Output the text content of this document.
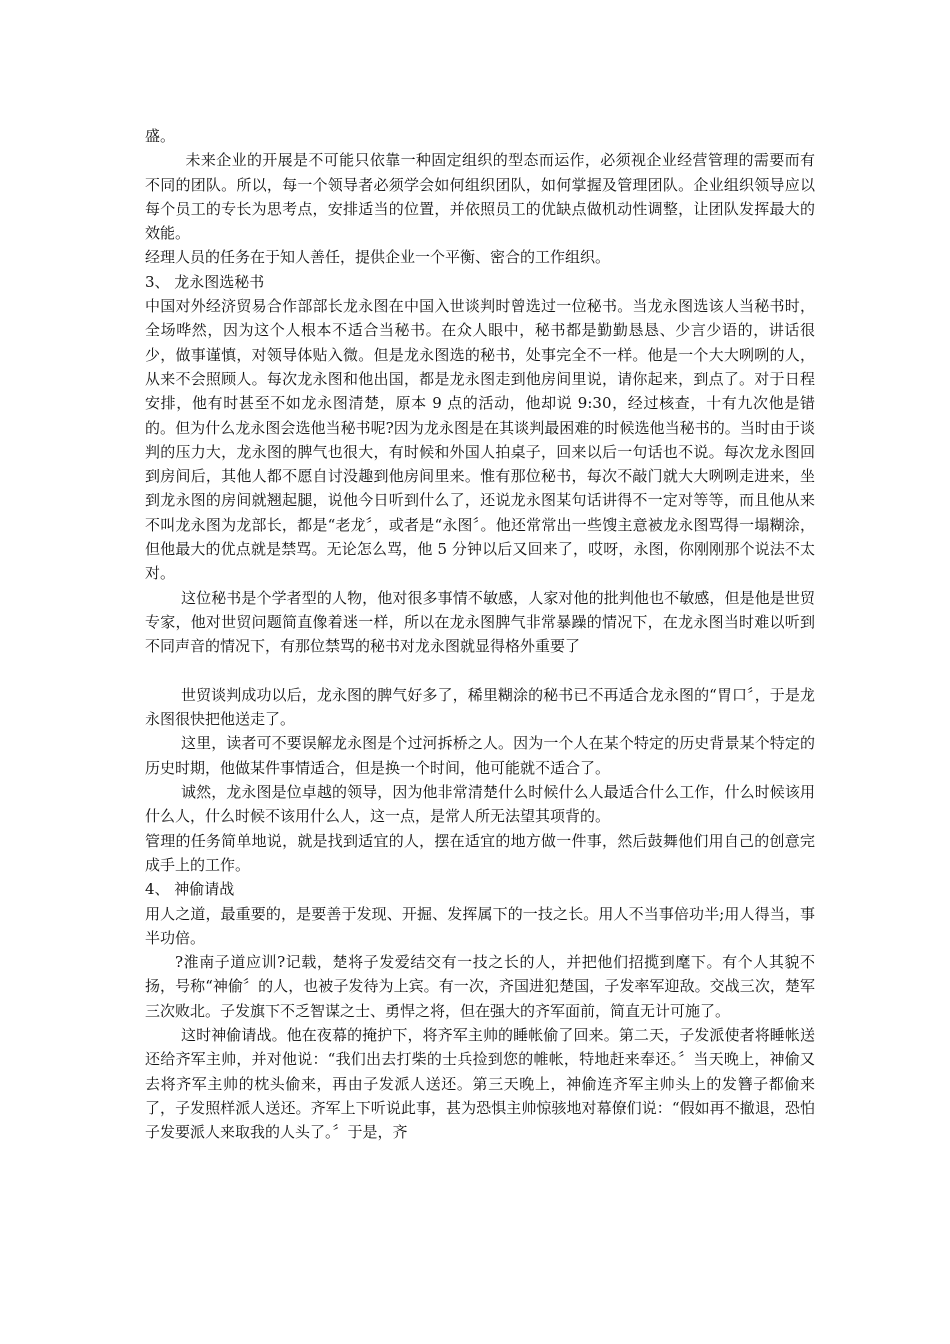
盛。

未来企业的开展是不可能只依靠一种固定组织的型态而运作，必须视企业经营管理的需要而有不同的团队。所以，每一个领导者必须学会如何组织团队，如何掌握及管理团队。企业组织领导应以每个员工的专长为思考点，安排适当的位置，并依照员工的优缺点做机动性调整，让团队发挥最大的效能。

经理人员的任务在于知人善任，提供企业一个平衡、密合的工作组织。

3、 龙永图选秘书

中国对外经济贸易合作部部长龙永图在中国入世谈判时曾选过一位秘书。当龙永图选该人当秘书时，全场哗然，因为这个人根本不适合当秘书。在众人眼中，秘书都是勤勤恳恳、少言少语的，讲话很少，做事谨慎，对领导体贴入微。但是龙永图选的秘书，处事完全不一样。他是一个大大咧咧的人，从来不会照顾人。每次龙永图和他出国，都是龙永图走到他房间里说，请你起来，到点了。对于日程安排，他有时甚至不如龙永图清楚，原本 9 点的活动，他却说 9:30，经过核查，十有九次他是错的。但为什么龙永图会选他当秘书呢?因为龙永图是在其谈判最困难的时候选他当秘书的。当时由于谈判的压力大，龙永图的脾气也很大，有时候和外国人拍桌子，回来以后一句话也不说。每次龙永图回到房间后，其他人都不愿自讨没趣到他房间里来。惟有那位秘书，每次不敲门就大大咧咧走进来，坐到龙永图的房间就翘起腿，说他今日听到什么了，还说龙永图某句话讲得不一定对等等，而且他从来不叫龙永图为龙部长，都是“老龙〞，或者是“永图〞。他还常常出一些馊主意被龙永图骂得一塌糊涂，但他最大的优点就是禁骂。无论怎么骂，他 5 分钟以后又回来了，哎呀，永图，你刚刚那个说法不太对。

这位秘书是个学者型的人物，他对很多事情不敏感，人家对他的批判他也不敏感，但是他是世贸专家，他对世贸问题简直像着迷一样，所以在龙永图脾气非常暴躁的情况下，在龙永图当时难以听到不同声音的情况下，有那位禁骂的秘书对龙永图就显得格外重要了

世贸谈判成功以后，龙永图的脾气好多了，稀里糊涂的秘书已不再适合龙永图的“胃口〞，于是龙永图很快把他送走了。

这里，读者可不要误解龙永图是个过河拆桥之人。因为一个人在某个特定的历史背景某个特定的历史时期，他做某件事情适合，但是换一个时间，他可能就不适合了。

诚然，龙永图是位卓越的领导，因为他非常清楚什么时候什么人最适合什么工作，什么时候该用什么人，什么时候不该用什么人，这一点，是常人所无法望其项背的。

管理的任务简单地说，就是找到适宜的人，摆在适宜的地方做一件事，然后鼓舞他们用自己的创意完成手上的工作。

4、 神偷请战

用人之道，最重要的，是要善于发现、开掘、发挥属下的一技之长。用人不当事倍功半;用人得当，事半功倍。

?淮南子道应训?记载，楚将子发爱结交有一技之长的人，并把他们招揽到麾下。有个人其貌不扬，号称“神偷〞的人，也被子发待为上宾。有一次，齐国进犯楚国，子发率军迎敌。交战三次，楚军三次败北。子发旗下不乏智谋之士、勇悍之将，但在强大的齐军面前，简直无计可施了。

这时神偷请战。他在夜幕的掩护下，将齐军主帅的睡帐偷了回来。第二天，子发派使者将睡帐送还给齐军主帅，并对他说：“我们出去打柴的士兵捡到您的帷帐，特地赶来奉还。〞当天晚上，神偷又去将齐军主帅的枕头偷来，再由子发派人送还。第三天晚上，神偷连齐军主帅头上的发簪子都偷来了，子发照样派人送还。齐军上下听说此事，甚为恐惧主帅惊骇地对幕僚们说：“假如再不撤退，恐怕子发要派人来取我的人头了。〞于是，齐
